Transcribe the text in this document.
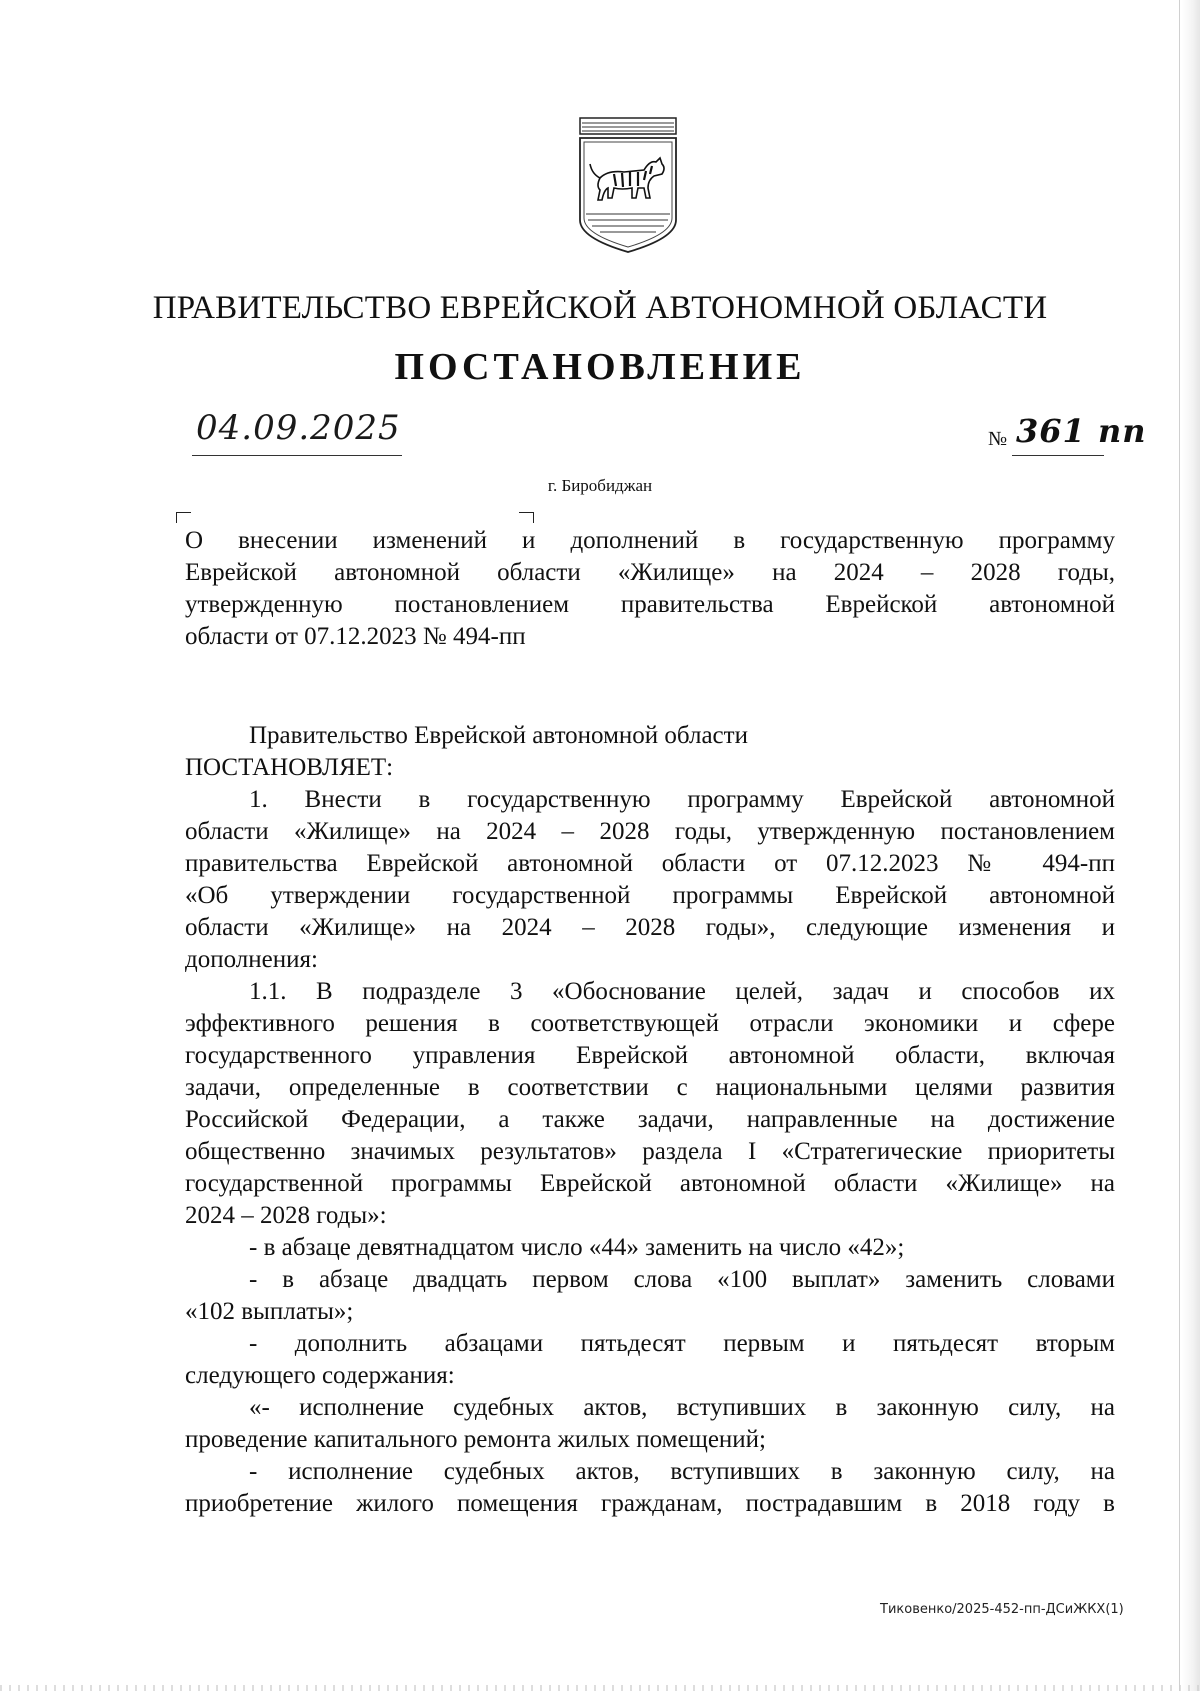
ПРАВИТЕЛЬСТВО ЕВРЕЙСКОЙ АВТОНОМНОЙ ОБЛАСТИ
ПОСТАНОВЛЕНИЕ
04.09.2025	№ 361 пп
г. Биробиджан
О внесении изменений и дополнений в государственную программу
Еврейской автономной области «Жилище» на 2024 – 2028 годы,
утвержденную постановлением правительства Еврейской автономной
области от 07.12.2023 № 494-пп
Правительство Еврейской автономной области
ПОСТАНОВЛЯЕТ:
1. Внести в государственную программу Еврейской автономной
области «Жилище» на 2024 – 2028 годы, утвержденную постановлением
правительства Еврейской автономной области от 07.12.2023 № 494-пп
«Об утверждении государственной программы Еврейской автономной
области «Жилище» на 2024 – 2028 годы», следующие изменения и
дополнения:
1.1. В подразделе 3 «Обоснование целей, задач и способов их
эффективного решения в соответствующей отрасли экономики и сфере
государственного управления Еврейской автономной области, включая
задачи, определенные в соответствии с национальными целями развития
Российской Федерации, а также задачи, направленные на достижение
общественно значимых результатов» раздела I «Стратегические приоритеты
государственной программы Еврейской автономной области «Жилище» на
2024 – 2028 годы»:
- в абзаце девятнадцатом число «44» заменить на число «42»;
- в абзаце двадцать первом слова «100 выплат» заменить словами
«102 выплаты»;
- дополнить абзацами пятьдесят первым и пятьдесят вторым
следующего содержания:
«- исполнение судебных актов, вступивших в законную силу, на
проведение капитального ремонта жилых помещений;
- исполнение судебных актов, вступивших в законную силу, на
приобретение жилого помещения гражданам, пострадавшим в 2018 году в
Тиковенко/2025-452-пп-ДСиЖКХ(1)
